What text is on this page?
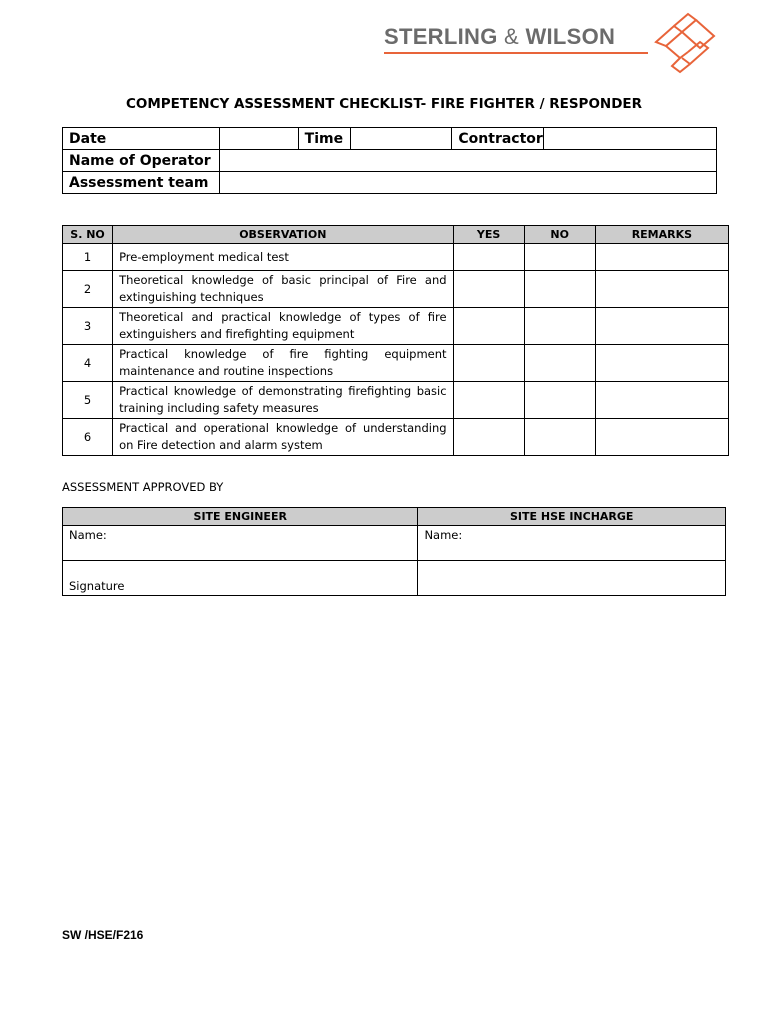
STERLING & WILSON
COMPETENCY ASSESSMENT CHECKLIST- FIRE FIGHTER / RESPONDER
Date		Time		Contractor	
Name of Operator					
Assessment team					
S. NO	OBSERVATION	YES	NO	REMARKS
1	Pre-employment medical test			
2	Theoretical knowledge of basic principal of Fire and extinguishing techniques			
3	Theoretical and practical knowledge of types of fire extinguishers and firefighting equipment			
4	Practical knowledge of fire fighting equipment maintenance and routine inspections			
5	Practical knowledge of demonstrating firefighting basic training including safety measures			
6	Practical and operational knowledge of understanding on Fire detection and alarm system			
ASSESSMENT APPROVED BY
SITE ENGINEER	SITE HSE INCHARGE
Name:	Name:
Signature	
SW /HSE/F216
